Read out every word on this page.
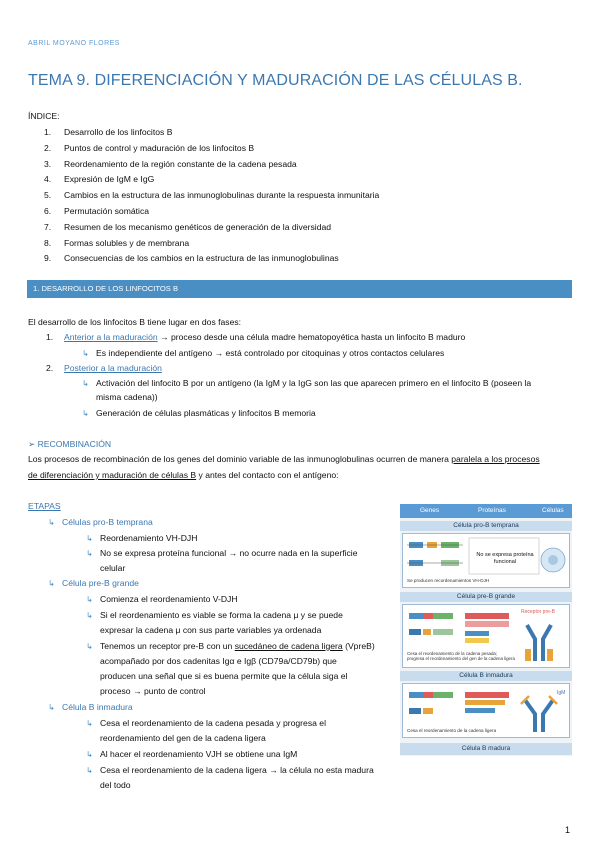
ABRIL MOYANO FLORES
TEMA 9. DIFERENCIACIÓN Y MADURACIÓN DE LAS CÉLULAS B.
ÍNDICE:
1. Desarrollo de los linfocitos B
2. Puntos de control y maduración de los linfocitos B
3. Reordenamiento de la región constante de la cadena pesada
4. Expresión de IgM e IgG
5. Cambios en la estructura de las inmunoglobulinas durante la respuesta inmunitaria
6. Permutación somática
7. Resumen de los mecanismo genéticos de generación de la diversidad
8. Formas solubles y de membrana
9. Consecuencias de los cambios en la estructura de las inmunoglobulinas
1. DESARROLLO DE LOS LINFOCITOS B
El desarrollo de los linfocitos B tiene lugar en dos fases:
1. Anterior a la maduración → proceso desde una célula madre hematopoyética hasta un linfocito B maduro
↳ Es independiente del antígeno → está controlado por citoquinas y otros contactos celulares
2. Posterior a la maduración
↳ Activación del linfocito B por un antígeno (la IgM y la IgG son las que aparecen primero en el linfocito B (poseen la
misma cadena))
↳ Generación de células plasmáticas y linfocitos B memoria
➢ RECOMBINACIÓN
Los procesos de recombinación de los genes del dominio variable de las inmunoglobulinas ocurren de manera paralela a los procesos
de diferenciación y maduración de células B y antes del contacto con el antígeno:
ETAPAS
↳ Células pro-B temprana
↳ Reordenamiento VH-DJH
↳ No se expresa proteína funcional → no ocurre nada en la superficie
celular
↳ Célula pre-B grande
↳ Comienza el reordenamiento V-DJH
↳ Si el reordenamiento es viable se forma la cadena μ y se puede
expresar la cadena μ con sus parte variables ya ordenada
↳ Tenemos un receptor pre-B con un sucedáneo de cadena ligera (VpreB)
acompañado por dos cadenitas Igα e Igβ (CD79a/CD79b) que
producen una señal que si es buena permite que la célula siga el
proceso → punto de control
↳ Célula B inmadura
↳ Cesa el reordenamiento de la cadena pesada y progresa el
reordenamiento del gen de la cadena ligera
↳ Al hacer el reordenamiento VJH se obtiene una IgM
↳ Cesa el reordenamiento de la cadena ligera → la célula no esta madura
del todo
Genes	Proteínas	Células
Célula pro-B temprana
No se expresa proteína funcional
Se producen recordenamientos VH-DJH
Célula pre-B grande
Receptor pre-B
Cesa el reordenamiento de la cadena pesada; progresa el reordenamiento del gen de la cadena ligera
Célula B inmadura
IgM
Cesa el reordenamiento de la cadena ligera
Célula B madura
1
